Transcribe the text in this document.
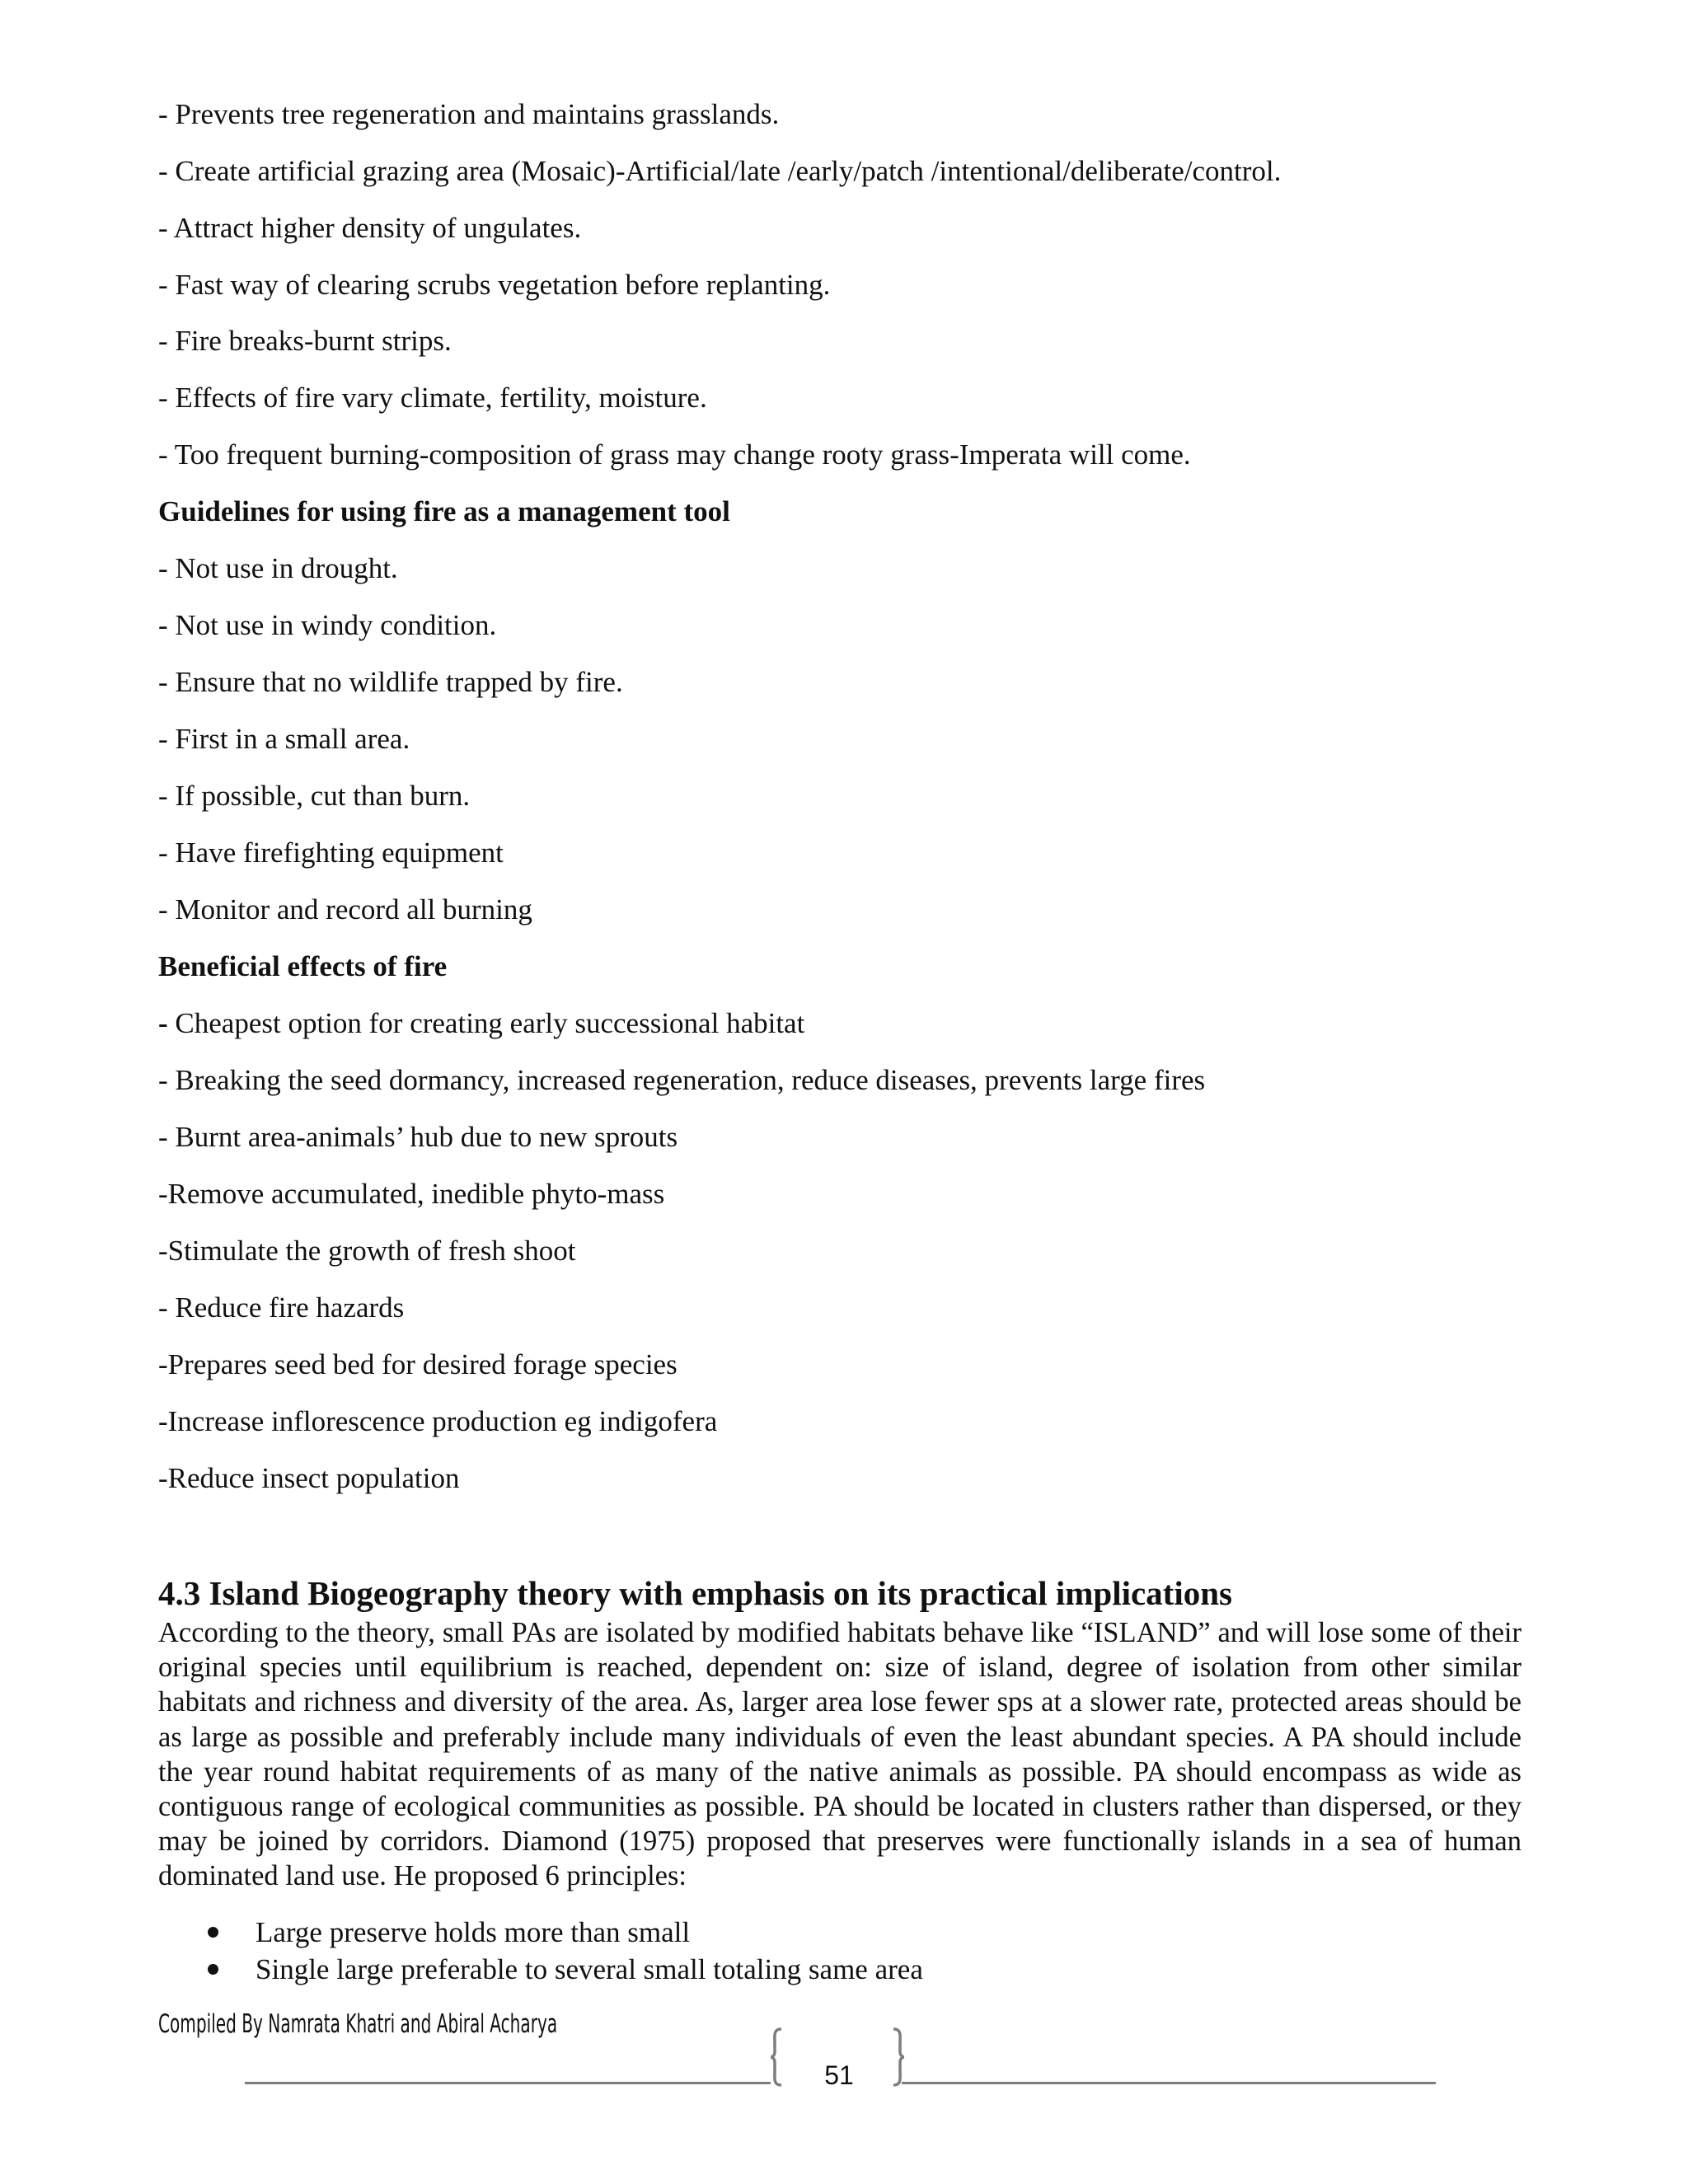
- Prevents tree regeneration and maintains grasslands.

- Create artificial grazing area (Mosaic)-Artificial/late /early/patch /intentional/deliberate/control.

- Attract higher density of ungulates.

- Fast way of clearing scrubs vegetation before replanting.

- Fire breaks-burnt strips.

- Effects of fire vary climate, fertility, moisture.

- Too frequent burning-composition of grass may change rooty grass-Imperata will come.

Guidelines for using fire as a management tool

- Not use in drought.

- Not use in windy condition.

- Ensure that no wildlife trapped by fire.

- First in a small area.

- If possible, cut than burn.

- Have firefighting equipment

- Monitor and record all burning

Beneficial effects of fire

- Cheapest option for creating early successional habitat

- Breaking the seed dormancy, increased regeneration, reduce diseases, prevents large fires

- Burnt area-animals’ hub due to new sprouts

-Remove accumulated, inedible phyto-mass

-Stimulate the growth of fresh shoot

- Reduce fire hazards

-Prepares seed bed for desired forage species

-Increase inflorescence production eg indigofera

-Reduce insect population

4.3 Island Biogeography theory with emphasis on its practical implications

According to the theory, small PAs are isolated by modified habitats behave like “ISLAND” and will lose some of their original species until equilibrium is reached, dependent on: size of island, degree of isolation from other similar habitats and richness and diversity of the area. As, larger area lose fewer sps at a slower rate, protected areas should be as large as possible and preferably include many individuals of even the least abundant species. A PA should include the year round habitat requirements of as many of the native animals as possible. PA should encompass as wide as contiguous range of ecological communities as possible. PA should be located in clusters rather than dispersed, or they may be joined by corridors. Diamond (1975) proposed that preserves were functionally islands in a sea of human dominated land use. He proposed 6 principles:

Large preserve holds more than small
Single large preferable to several small totaling same area

Compiled By Namrata Khatri and Abiral Acharya

51
